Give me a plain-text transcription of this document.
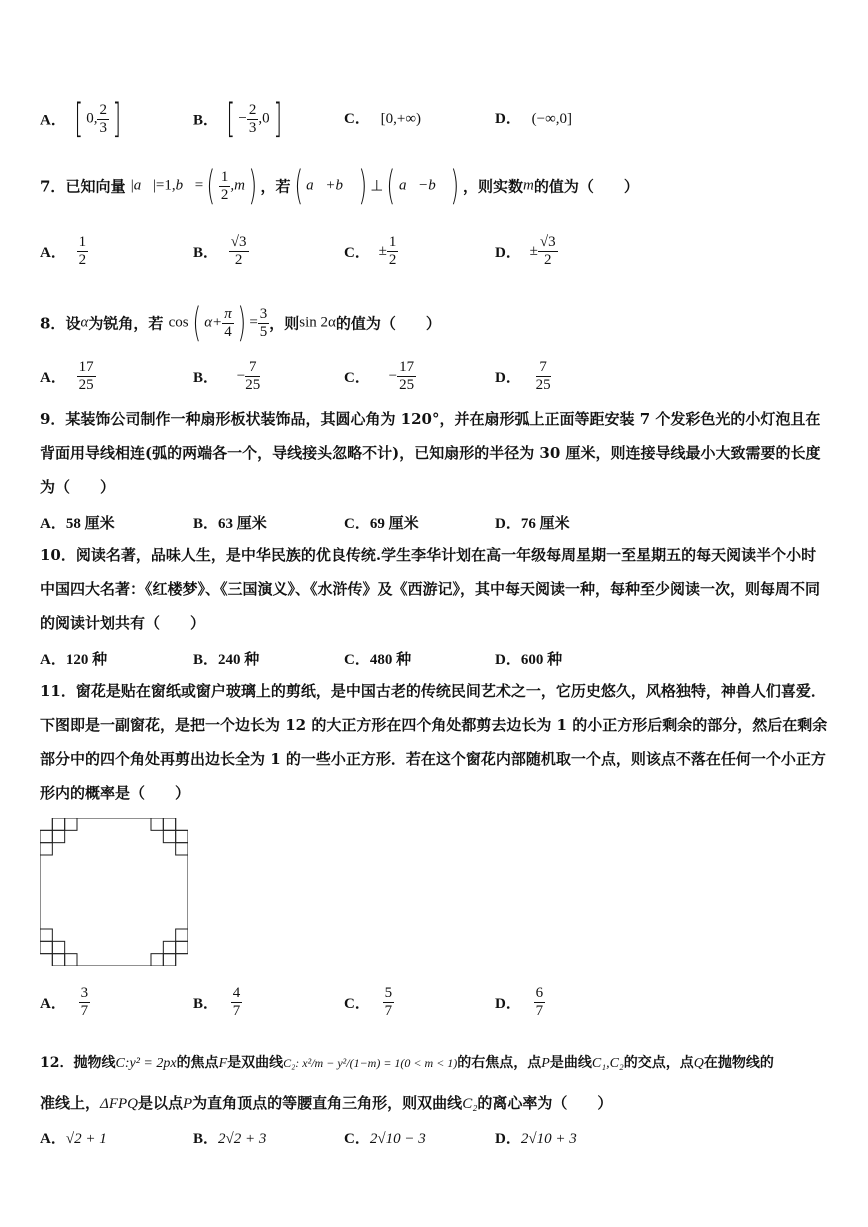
A． [ 0, $\frac{2}{3}$ ]	B． [ − $\frac{2}{3} ,0$]	C． [0,+∞)	D． (−∞,0]
7．已知向量 |a⃗|=1,b⃗=( $\frac{1}{2} ,m$) ，若( a⃗+b⃗) ⊥( a⃗−b⃗) ，则实数m的值为（　　）
A． $\frac{1}{2}$	B． $\frac{√3}{2}$	C． ± $\frac{1}{2}$	D． ± $\frac{√3}{2}$
8．设α为锐角，若 cos( $\alpha+ \frac{\pi}{4}$ ) = $\frac{3}{5}$ ，则sin 2α的值为（　　）
A． $\frac{17}{25}$	B． − $\frac{7}{25}$	C． − $\frac{17}{25}$	D． $\frac{7}{25}$
9．某装饰公司制作一种扇形板状装饰品，其圆心角为 120°，并在扇形弧上正面等距安装 7 个发彩色光的小灯泡且在背面用导线相连(弧的两端各一个，导线接头忽略不计)，已知扇形的半径为 30 厘米，则连接导线最小大致需要的长度为（　　）
A．58 厘米	B．63 厘米	C．69 厘米	D．76 厘米
10．阅读名著，品味人生，是中华民族的优良传统.学生李华计划在高一年级每周星期一至星期五的每天阅读半个小时中国四大名著：《红楼梦》、《三国演义》、《水浒传》及《西游记》，其中每天阅读一种，每种至少阅读一次，则每周不同的阅读计划共有（　　）
A．120 种	B．240 种	C．480 种	D．600 种
11．窗花是贴在窗纸或窗户玻璃上的剪纸，是中国古老的传统民间艺术之一，它历史悠久，风格独特，神兽人们喜爱．下图即是一副窗花，是把一个边长为 12 的大正方形在四个角处都剪去边长为 1 的小正方形后剩余的部分，然后在剩余部分中的四个角处再剪出边长全为 1 的一些小正方形．若在这个窗花内部随机取一个点，则该点不落在任何一个小正方形内的概率是（　　）
A． $\frac{3}{7}$	B． $\frac{4}{7}$	C． $\frac{5}{7}$	D． $\frac{6}{7}$
12．抛物线C:y² = 2px的焦点F是双曲线C₂: x²/m − y²/(1−m) = 1(0 < m < 1)的右焦点，点P是曲线C₁,C₂的交点，点Q在抛物线的
准线上，ΔFPQ是以点P为直角顶点的等腰直角三角形，则双曲线C₂的离心率为（　　）
A．√2 + 1	B．2√2 + 3	C．2√10 − 3	D．2√10 + 3
